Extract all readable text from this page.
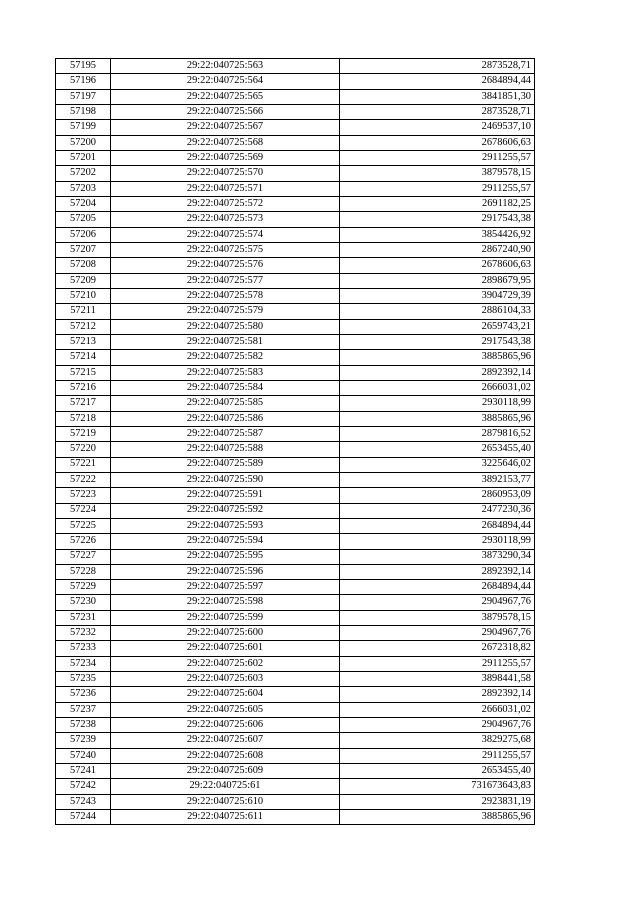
57195	29:22:040725:563	2873528,71
57196	29:22:040725:564	2684894,44
57197	29:22:040725:565	3841851,30
57198	29:22:040725:566	2873528,71
57199	29:22:040725:567	2469537,10
57200	29:22:040725:568	2678606,63
57201	29:22:040725:569	2911255,57
57202	29:22:040725:570	3879578,15
57203	29:22:040725:571	2911255,57
57204	29:22:040725:572	2691182,25
57205	29:22:040725:573	2917543,38
57206	29:22:040725:574	3854426,92
57207	29:22:040725:575	2867240,90
57208	29:22:040725:576	2678606,63
57209	29:22:040725:577	2898679,95
57210	29:22:040725:578	3904729,39
57211	29:22:040725:579	2886104,33
57212	29:22:040725:580	2659743,21
57213	29:22:040725:581	2917543,38
57214	29:22:040725:582	3885865,96
57215	29:22:040725:583	2892392,14
57216	29:22:040725:584	2666031,02
57217	29:22:040725:585	2930118,99
57218	29:22:040725:586	3885865,96
57219	29:22:040725:587	2879816,52
57220	29:22:040725:588	2653455,40
57221	29:22:040725:589	3225646,02
57222	29:22:040725:590	3892153,77
57223	29:22:040725:591	2860953,09
57224	29:22:040725:592	2477230,36
57225	29:22:040725:593	2684894,44
57226	29:22:040725:594	2930118,99
57227	29:22:040725:595	3873290,34
57228	29:22:040725:596	2892392,14
57229	29:22:040725:597	2684894,44
57230	29:22:040725:598	2904967,76
57231	29:22:040725:599	3879578,15
57232	29:22:040725:600	2904967,76
57233	29:22:040725:601	2672318,82
57234	29:22:040725:602	2911255,57
57235	29:22:040725:603	3898441,58
57236	29:22:040725:604	2892392,14
57237	29:22:040725:605	2666031,02
57238	29:22:040725:606	2904967,76
57239	29:22:040725:607	3829275,68
57240	29:22:040725:608	2911255,57
57241	29:22:040725:609	2653455,40
57242	29:22:040725:61	731673643,83
57243	29:22:040725:610	2923831,19
57244	29:22:040725:611	3885865,96
